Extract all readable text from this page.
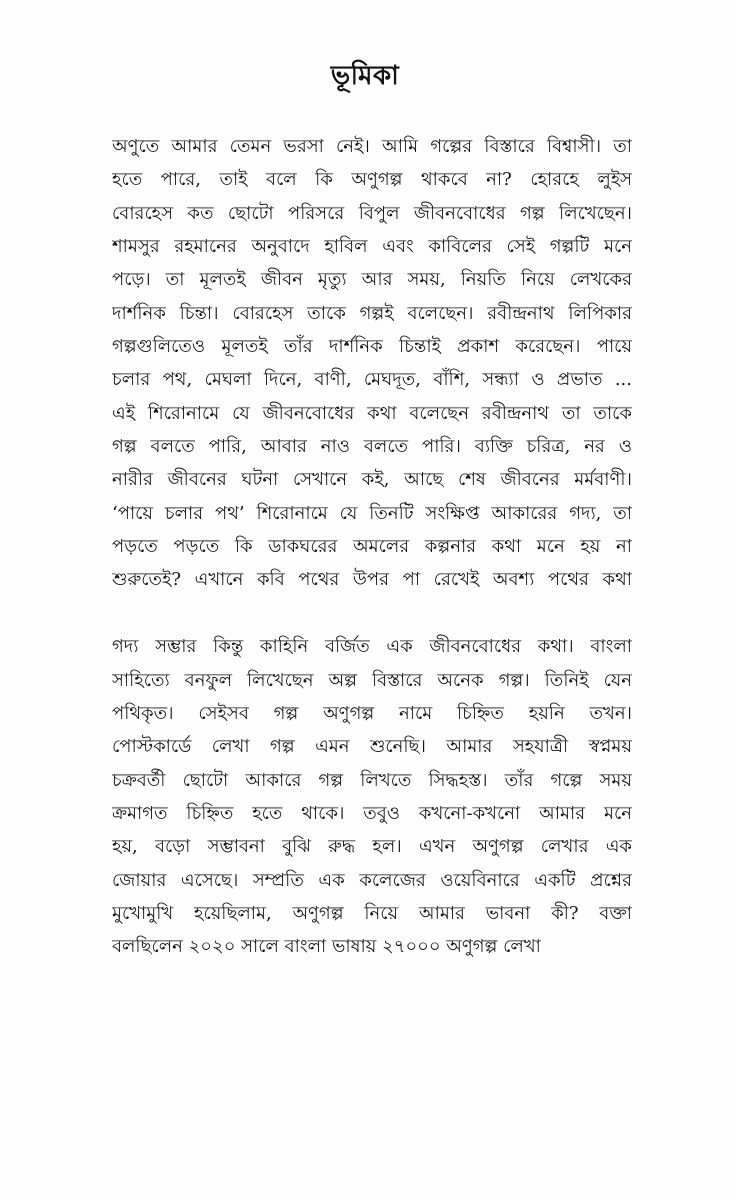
ভূমিকা
অণুতে আমার তেমন ভরসা নেই। আমি গল্পের বিস্তারে বিশ্বাসী। তা
হতে পারে, তাই বলে কি অণুগল্প থাকবে না? হোরহে লুইস
বোরহেস কত ছোটো পরিসরে বিপুল জীবনবোধের গল্প লিখেছেন।
শামসুর রহমানের অনুবাদে হাবিল এবং কাবিলের সেই গল্পটি মনে
পড়ে। তা মূলতই জীবন মৃত্যু আর সময়, নিয়তি নিয়ে লেখকের
দার্শনিক চিন্তা। বোরহেস তাকে গল্পই বলেছেন। রবীন্দ্রনাথ লিপিকার
গল্পগুলিতেও মূলতই তাঁর দার্শনিক চিন্তাই প্রকাশ করেছেন। পায়ে
চলার পথ, মেঘলা দিনে, বাণী, মেঘদূত, বাঁশি, সন্ধ্যা ও প্রভাত ...
এই শিরোনামে যে জীবনবোধের কথা বলেছেন রবীন্দ্রনাথ তা তাকে
গল্প বলতে পারি, আবার নাও বলতে পারি। ব্যক্তি চরিত্র, নর ও
নারীর জীবনের ঘটনা সেখানে কই, আছে শেষ জীবনের মর্মবাণী।
‘পায়ে চলার পথ’ শিরোনামে যে তিনটি সংক্ষিপ্ত আকারের গদ্য, তা
পড়তে পড়তে কি ডাকঘরের অমলের কল্পনার কথা মনে হয় না
শুরুতেই? এখানে কবি পথের উপর পা রেখেই অবশ্য পথের কথা
গদ্য সম্ভার কিন্তু কাহিনি বর্জিত এক জীবনবোধের কথা। বাংলা
সাহিত্যে বনফুল লিখেছেন অল্প বিস্তারে অনেক গল্প। তিনিই যেন
পথিকৃত। সেইসব গল্প অণুগল্প নামে চিহ্নিত হয়নি তখন।
পোস্টকার্ডে লেখা গল্প এমন শুনেছি। আমার সহযাত্রী স্বপ্নময়
চক্রবর্তী ছোটো আকারে গল্প লিখতে সিদ্ধহস্ত। তাঁর গল্পে সময়
ক্রমাগত চিহ্নিত হতে থাকে। তবুও কখনো-কখনো আমার মনে
হয়, বড়ো সম্ভাবনা বুঝি রুদ্ধ হল। এখন অণুগল্প লেখার এক
জোয়ার এসেছে। সম্প্রতি এক কলেজের ওয়েবিনারে একটি প্রশ্নের
মুখোমুখি হয়েছিলাম, অণুগল্প নিয়ে আমার ভাবনা কী? বক্তা
বলছিলেন ২০২০ সালে বাংলা ভাষায় ২৭০০০ অণুগল্প লেখা
